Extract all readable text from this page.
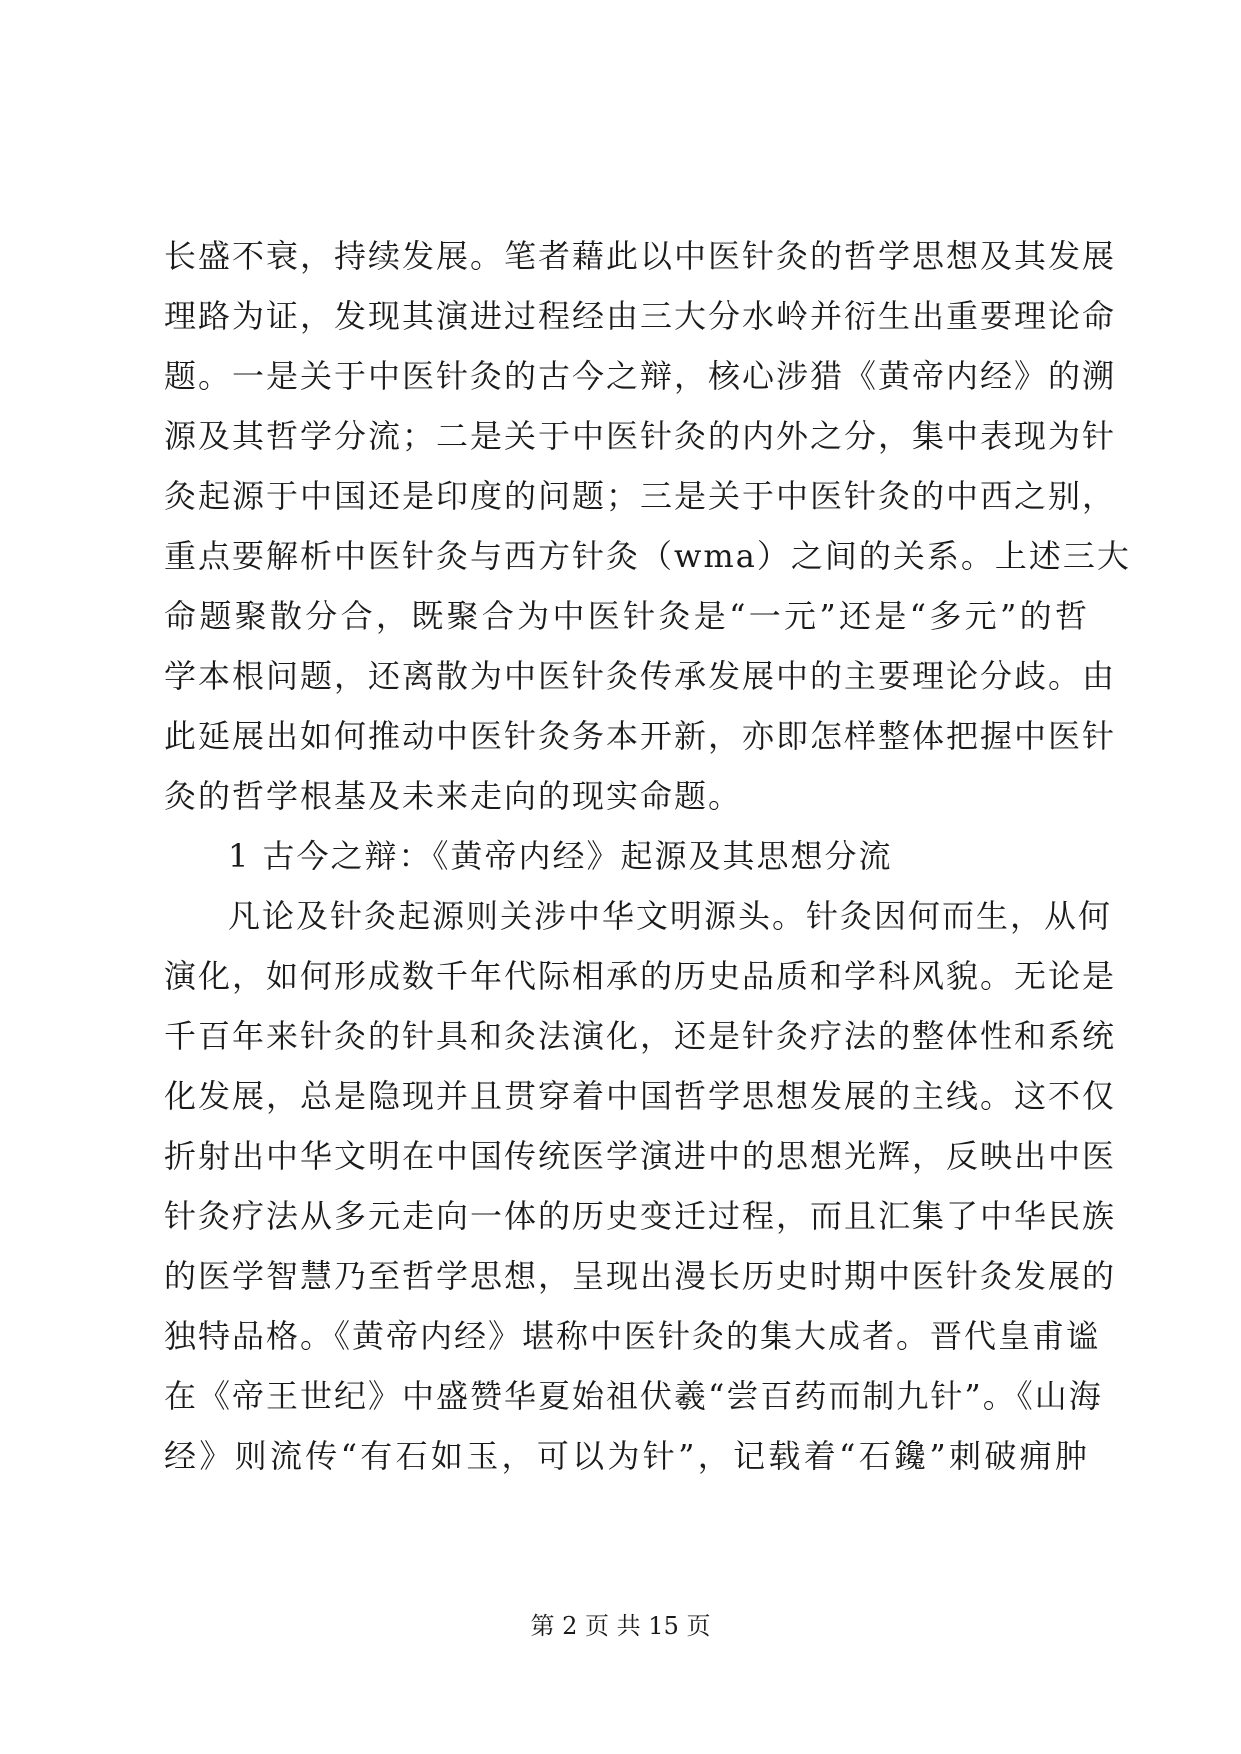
长盛不衰，持续发展。笔者藉此以中医针灸的哲学思想及其发展
理路为证，发现其演进过程经由三大分水岭并衍生出重要理论命
题。一是关于中医针灸的古今之辩，核心涉猎《黄帝内经》的溯
源及其哲学分流；二是关于中医针灸的内外之分，集中表现为针
灸起源于中国还是印度的问题；三是关于中医针灸的中西之别，
重点要解析中医针灸与西方针灸（wma）之间的关系。上述三大
命题聚散分合，既聚合为中医针灸是“一元”还是“多元”的哲
学本根问题，还离散为中医针灸传承发展中的主要理论分歧。由
此延展出如何推动中医针灸务本开新，亦即怎样整体把握中医针
灸的哲学根基及未来走向的现实命题。
1 古今之辩：《黄帝内经》起源及其思想分流
凡论及针灸起源则关涉中华文明源头。针灸因何而生，从何
演化，如何形成数千年代际相承的历史品质和学科风貌。无论是
千百年来针灸的针具和灸法演化，还是针灸疗法的整体性和系统
化发展，总是隐现并且贯穿着中国哲学思想发展的主线。这不仅
折射出中华文明在中国传统医学演进中的思想光辉，反映出中医
针灸疗法从多元走向一体的历史变迁过程，而且汇集了中华民族
的医学智慧乃至哲学思想，呈现出漫长历史时期中医针灸发展的
独特品格。《黄帝内经》堪称中医针灸的集大成者。晋代皇甫谧
在《帝王世纪》中盛赞华夏始祖伏羲“尝百药而制九针”。《山海
经》则流传“有石如玉，可以为针”，记载着“石鑱”刺破痈肿
第 2 页 共 15 页
